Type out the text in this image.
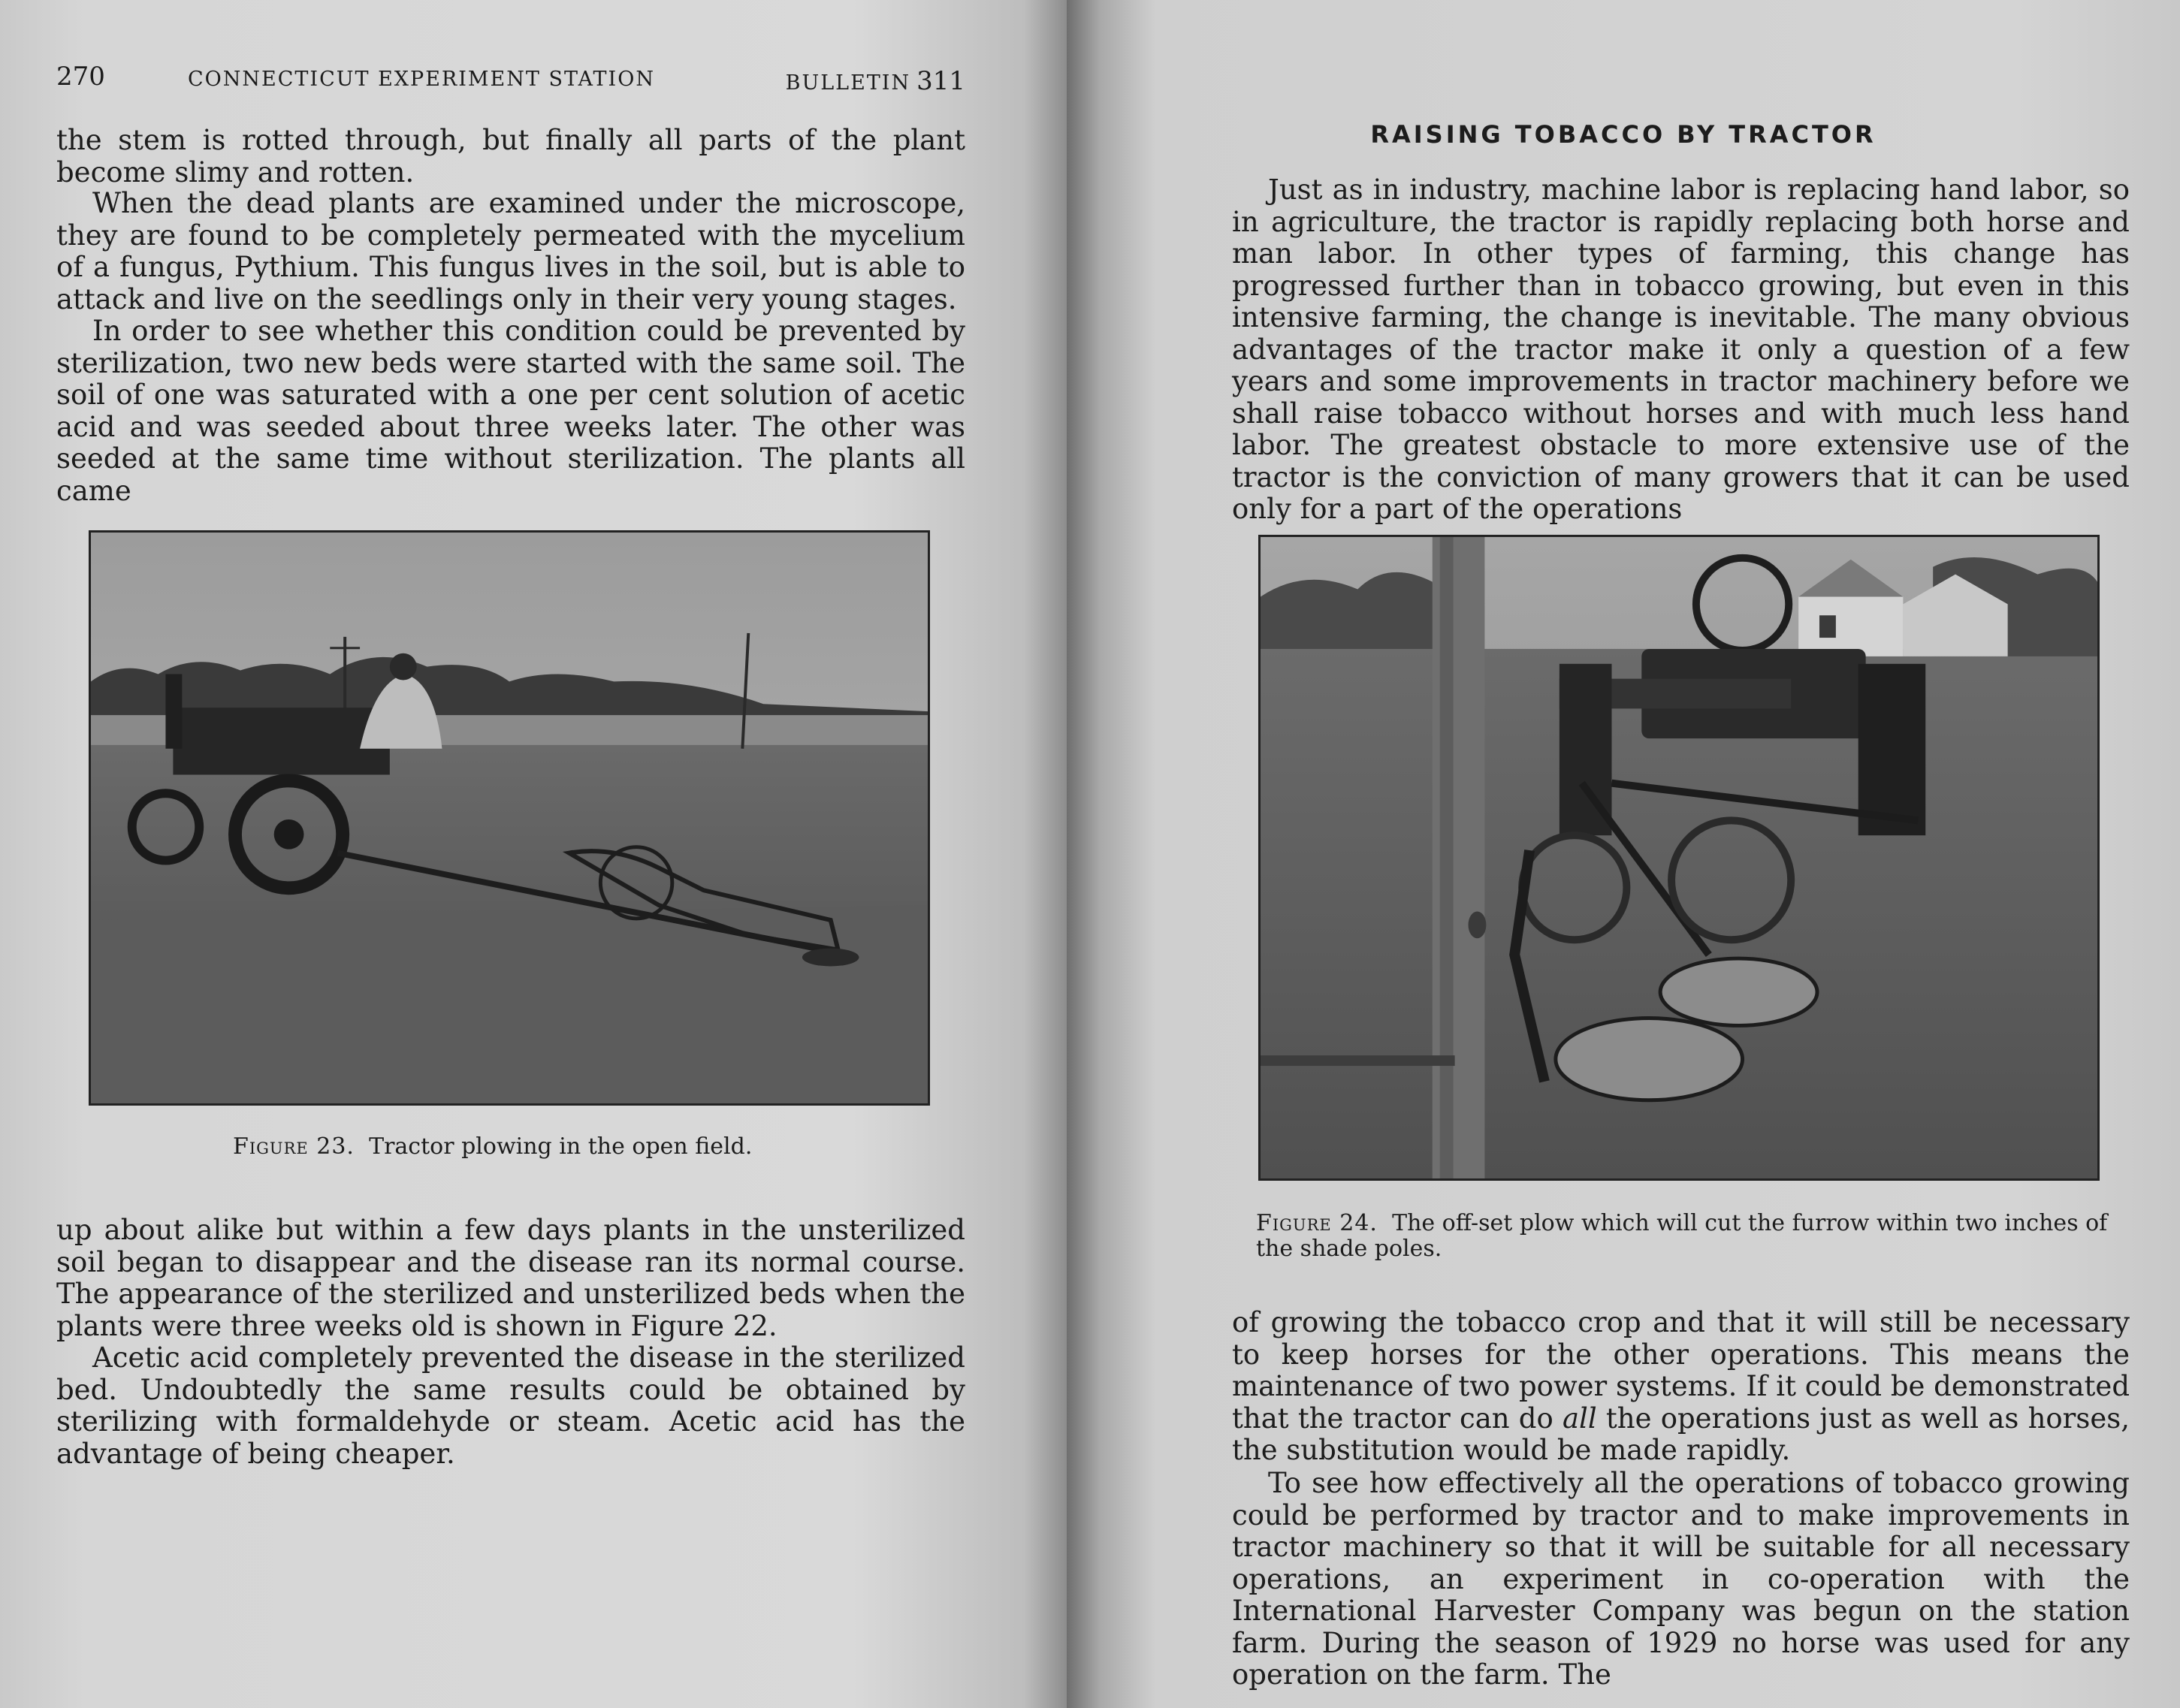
270	CONNECTICUT EXPERIMENT STATION	BULLETIN 311

the stem is rotted through, but finally all parts of the plant become slimy and rotten.

When the dead plants are examined under the microscope, they are found to be completely permeated with the mycelium of a fungus, Pythium. This fungus lives in the soil, but is able to attack and live on the seedlings only in their very young stages.

In order to see whether this condition could be prevented by sterilization, two new beds were started with the same soil. The soil of one was saturated with a one per cent solution of acetic acid and was seeded about three weeks later. The other was seeded at the same time without sterilization. The plants all came

Figure 23. Tractor plowing in the open field.

up about alike but within a few days plants in the unsterilized soil began to disappear and the disease ran its normal course. The appearance of the sterilized and unsterilized beds when the plants were three weeks old is shown in Figure 22.

Acetic acid completely prevented the disease in the sterilized bed. Undoubtedly the same results could be obtained by sterilizing with formaldehyde or steam. Acetic acid has the advantage of being cheaper.

RAISING TOBACCO BY TRACTOR

Just as in industry, machine labor is replacing hand labor, so in agriculture, the tractor is rapidly replacing both horse and man labor. In other types of farming, this change has progressed further than in tobacco growing, but even in this intensive farming, the change is inevitable. The many obvious advantages of the tractor make it only a question of a few years and some improvements in tractor machinery before we shall raise tobacco without horses and with much less hand labor. The greatest obstacle to more extensive use of the tractor is the conviction of many growers that it can be used only for a part of the operations

Figure 24. The off-set plow which will cut the furrow within two inches of the shade poles.

of growing the tobacco crop and that it will still be necessary to keep horses for the other operations. This means the maintenance of two power systems. If it could be demonstrated that the tractor can do all the operations just as well as horses, the substitution would be made rapidly.

To see how effectively all the operations of tobacco growing could be performed by tractor and to make improvements in tractor machinery so that it will be suitable for all necessary operations, an experiment in co-operation with the International Harvester Company was begun on the station farm. During the season of 1929 no horse was used for any operation on the farm. The
